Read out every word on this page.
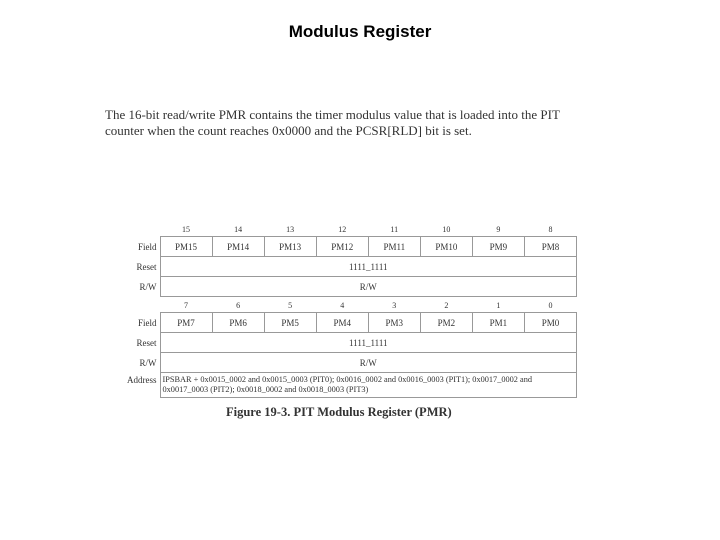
Modulus Register
The 16-bit read/write PMR contains the timer modulus value that is loaded into the PIT counter when the count reaches 0x0000 and the PCSR[RLD] bit is set.
	15	14	13	12	11	10	9	8
Field	PM15	PM14	PM13	PM12	PM11	PM10	PM9	PM8
Reset	1111_1111							
R/W	R/W							
	7	6	5	4	3	2	1	0
Field	PM7	PM6	PM5	PM4	PM3	PM2	PM1	PM0
Reset	1111_1111							
R/W	R/W							
Address	IPSBAR + 0x0015_0002 and 0x0015_0003 (PIT0); 0x0016_0002 and 0x0016_0003 (PIT1); 0x0017_0002 and 0x0017_0003 (PIT2); 0x0018_0002 and 0x0018_0003 (PIT3)							
Figure 19-3. PIT Modulus Register (PMR)
